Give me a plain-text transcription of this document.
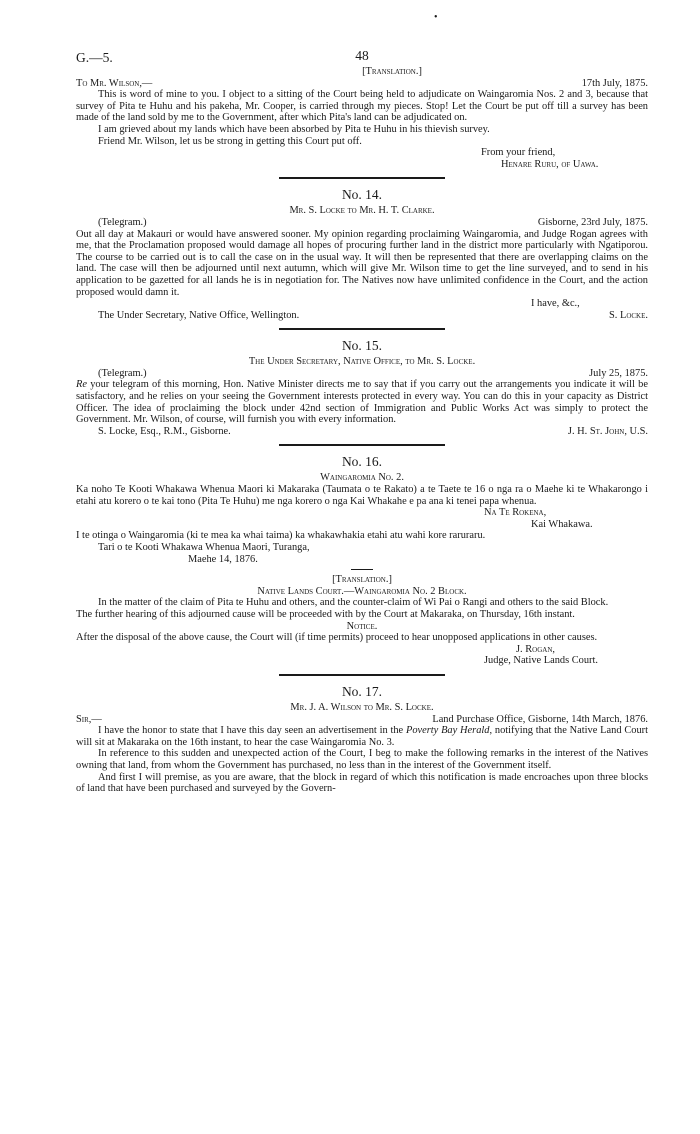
•
G.—5.	48

[Translation.]

To Mr. Wilson,—	17th July, 1875.

This is word of mine to you. I object to a sitting of the Court being held to adjudicate on Waingaromia Nos. 2 and 3, because that survey of Pita te Huhu and his pakeha, Mr. Cooper, is carried through my pieces. Stop! Let the Court be put off till a survey has been made of the land sold by me to the Government, after which Pita's land can be adjudicated on.

I am grieved about my lands which have been absorbed by Pita te Huhu in his thievish survey.

Friend Mr. Wilson, let us be strong in getting this Court put off.

From your friend,

Henare Ruru, of Uawa.

No. 14.

Mr. S. Locke to Mr. H. T. Clarke.

(Telegram.)	Gisborne, 23rd July, 1875.

Out all day at Makauri or would have answered sooner. My opinion regarding proclaiming Waingaromia, and Judge Rogan agrees with me, that the Proclamation proposed would damage all hopes of procuring further land in the district more particularly with Ngatiporou. The course to be carried out is to call the case on in the usual way. It will then be represented that there are overlapping claims on the land. The case will then be adjourned until next autumn, which will give Mr. Wilson time to get the line surveyed, and to send in his application to be gazetted for all lands he is in negotiation for. The Natives now have unlimited confidence in the Court, and the action proposed would damn it.

I have, &c.,

The Under Secretary, Native Office, Wellington.	S. Locke.

No. 15.

The Under Secretary, Native Office, to Mr. S. Locke.

(Telegram.)	July 25, 1875.

Re your telegram of this morning, Hon. Native Minister directs me to say that if you carry out the arrangements you indicate it will be satisfactory, and he relies on your seeing the Government interests protected in every way. You can do this in your capacity as District Officer. The idea of proclaiming the block under 42nd section of Immigration and Public Works Act was simply to protect the Government. Mr. Wilson, of course, will furnish you with every information.

S. Locke, Esq., R.M., Gisborne.	J. H. St. John, U.S.

No. 16.

Waingaromia No. 2.

Ka noho Te Kooti Whakawa Whenua Maori ki Makaraka (Taumata o te Rakato) a te Taete te 16 o nga ra o Maehe ki te Whakarongo i etahi atu korero o te kai tono (Pita Te Huhu) me nga korero o nga Kai Whakahe e pa ana ki tenei papa whenua.

Na Te Rokena,

Kai Whakawa.

I te otinga o Waingaromia (ki te mea ka whai taima) ka whakawhakia etahi atu wahi kore raruraru.

Tari o te Kooti Whakawa Whenua Maori, Turanga,

Maehe 14, 1876.

[Translation.]

Native Lands Court.—Waingaromia No. 2 Block.

In the matter of the claim of Pita te Huhu and others, and the counter-claim of Wi Pai o Rangi and others to the said Block.

The further hearing of this adjourned cause will be proceeded with by the Court at Makaraka, on Thursday, 16th instant.

Notice.

After the disposal of the above cause, the Court will (if time permits) proceed to hear unopposed applications in other causes.

J. Rogan,

Judge, Native Lands Court.

No. 17.

Mr. J. A. Wilson to Mr. S. Locke.

Sir,—	Land Purchase Office, Gisborne, 14th March, 1876.

I have the honor to state that I have this day seen an advertisement in the Poverty Bay Herald, notifying that the Native Land Court will sit at Makaraka on the 16th instant, to hear the case Waingaromia No. 3.

In reference to this sudden and unexpected action of the Court, I beg to make the following remarks in the interest of the Natives owning that land, from whom the Government has purchased, no less than in the interest of the Government itself.

And first I will premise, as you are aware, that the block in regard of which this notification is made encroaches upon three blocks of land that have been purchased and surveyed by the Govern-
